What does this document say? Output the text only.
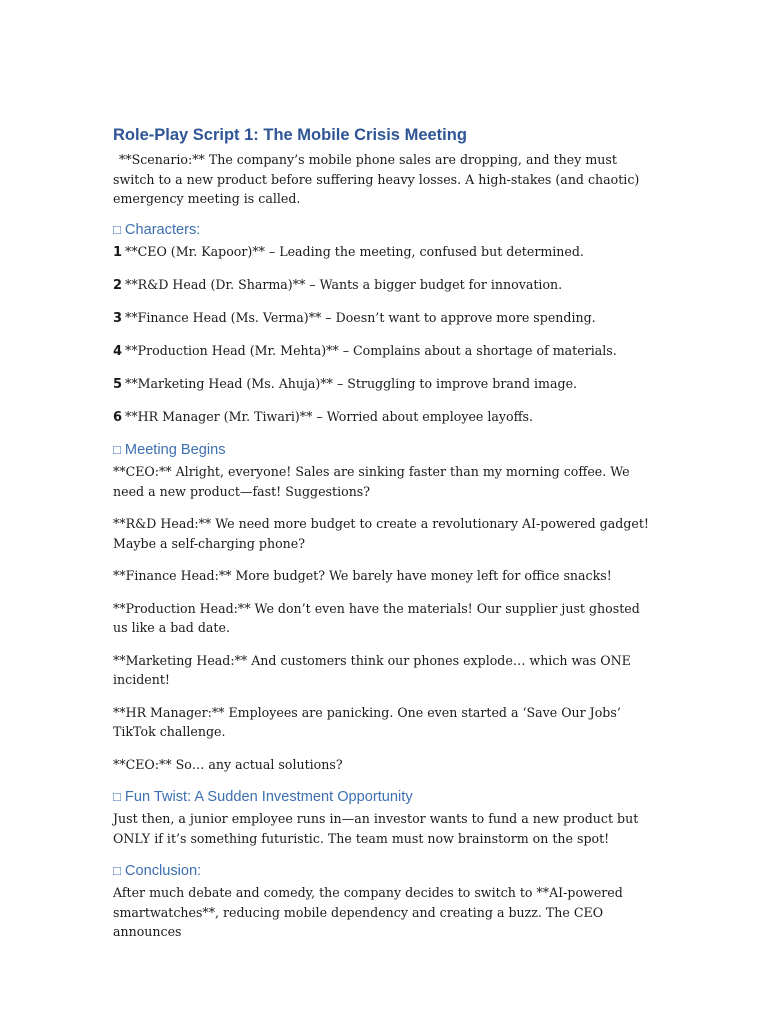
Role-Play Script 1: The Mobile Crisis Meeting

**Scenario:** The company’s mobile phone sales are dropping, and they must switch to a new product before suffering heavy losses. A high-stakes (and chaotic) emergency meeting is called.

□ Characters:

1 **CEO (Mr. Kapoor)** – Leading the meeting, confused but determined.

2 **R&D Head (Dr. Sharma)** – Wants a bigger budget for innovation.

3 **Finance Head (Ms. Verma)** – Doesn’t want to approve more spending.

4 **Production Head (Mr. Mehta)** – Complains about a shortage of materials.

5 **Marketing Head (Ms. Ahuja)** – Struggling to improve brand image.

6 **HR Manager (Mr. Tiwari)** – Worried about employee layoffs.

□ Meeting Begins

**CEO:** Alright, everyone! Sales are sinking faster than my morning coffee. We need a new product—fast! Suggestions?

**R&D Head:** We need more budget to create a revolutionary AI-powered gadget! Maybe a self-charging phone?

**Finance Head:** More budget? We barely have money left for office snacks!

**Production Head:** We don’t even have the materials! Our supplier just ghosted us like a bad date.

**Marketing Head:** And customers think our phones explode… which was ONE incident!

**HR Manager:** Employees are panicking. One even started a ‘Save Our Jobs’ TikTok challenge.

**CEO:** So… any actual solutions?

□ Fun Twist: A Sudden Investment Opportunity

Just then, a junior employee runs in—an investor wants to fund a new product but ONLY if it’s something futuristic. The team must now brainstorm on the spot!

□ Conclusion:

After much debate and comedy, the company decides to switch to **AI-powered smartwatches**, reducing mobile dependency and creating a buzz. The CEO announces
